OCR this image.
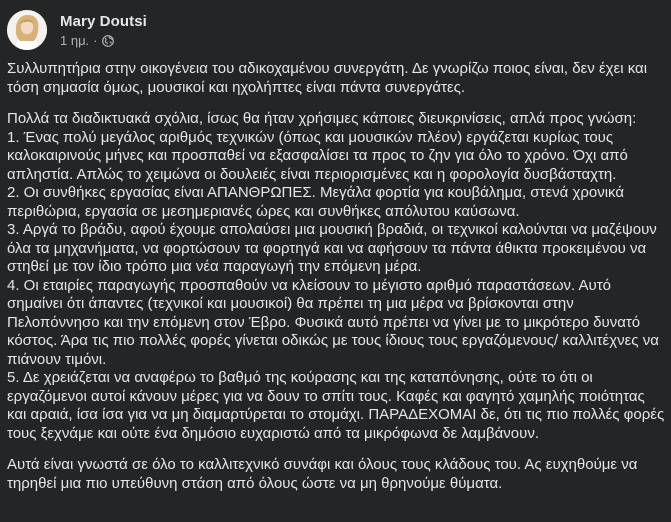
Mary Doutsi
1 ημ. ·

Συλλυπητήρια στην οικογένεια του αδικοχαμένου συνεργάτη. Δε γνωρίζω ποιος είναι, δεν έχει και τόση σημασία όμως, μουσικοί και ηχολήπτες είναι πάντα συνεργάτες.

Πολλά τα διαδικτυακά σχόλια, ίσως θα ήταν χρήσιμες κάποιες διευκρινίσεις, απλά προς γνώση:

1. Ένας πολύ μεγάλος αριθμός τεχνικών (όπως και μουσικών πλέον) εργάζεται κυρίως τους καλοκαιρινούς μήνες και προσπαθεί να εξασφαλίσει τα προς το ζην για όλο το χρόνο. Όχι από απληστία. Απλώς το χειμώνα οι δουλειές είναι περιορισμένες και η φορολογία δυσβάσταχτη.

2. Οι συνθήκες εργασίας είναι ΑΠΑΝΘΡΩΠΕΣ. Μεγάλα φορτία για κουβάλημα, στενά χρονικά περιθώρια, εργασία σε μεσημεριανές ώρες και συνθήκες απόλυτου καύσωνα.

3. Αργά το βράδυ, αφού έχουμε απολαύσει μια μουσική βραδιά, οι τεχνικοί καλούνται να μαζέψουν όλα τα μηχανήματα, να φορτώσουν τα φορτηγά και να αφήσουν τα πάντα άθικτα προκειμένου να στηθεί με τον ίδιο τρόπο μια νέα παραγωγή την επόμενη μέρα.

4. Οι εταιρίες παραγωγής προσπαθούν να κλείσουν το μέγιστο αριθμό παραστάσεων. Αυτό σημαίνει ότι άπαντες (τεχνικοί και μουσικοί) θα πρέπει τη μια μέρα να βρίσκονται στην Πελοπόννησο και την επόμενη στον Έβρο. Φυσικά αυτό πρέπει να γίνει με το μικρότερο δυνατό κόστος. Άρα τις πιο πολλές φορές γίνεται οδικώς με τους ίδιους τους εργαζόμενους/ καλλιτέχνες να πιάνουν τιμόνι.

5. Δε χρειάζεται να αναφέρω το βαθμό της κούρασης και της καταπόνησης, ούτε το ότι οι εργαζόμενοι αυτοί κάνουν μέρες για να δουν το σπίτι τους. Καφές και φαγητό χαμηλής ποιότητας και αραιά, ίσα ίσα για να μη διαμαρτύρεται το στομάχι. ΠΑΡΑΔΕΧΟΜΑΙ δε, ότι τις πιο πολλές φορές τους ξεχνάμε και ούτε ένα δημόσιο ευχαριστώ από τα μικρόφωνα δε λαμβάνουν.

Αυτά είναι γνωστά σε όλο το καλλιτεχνικό συνάφι και όλους τους κλάδους του. Ας ευχηθούμε να τηρηθεί μια πιο υπεύθυνη στάση από όλους ώστε να μη θρηνούμε θύματα.
